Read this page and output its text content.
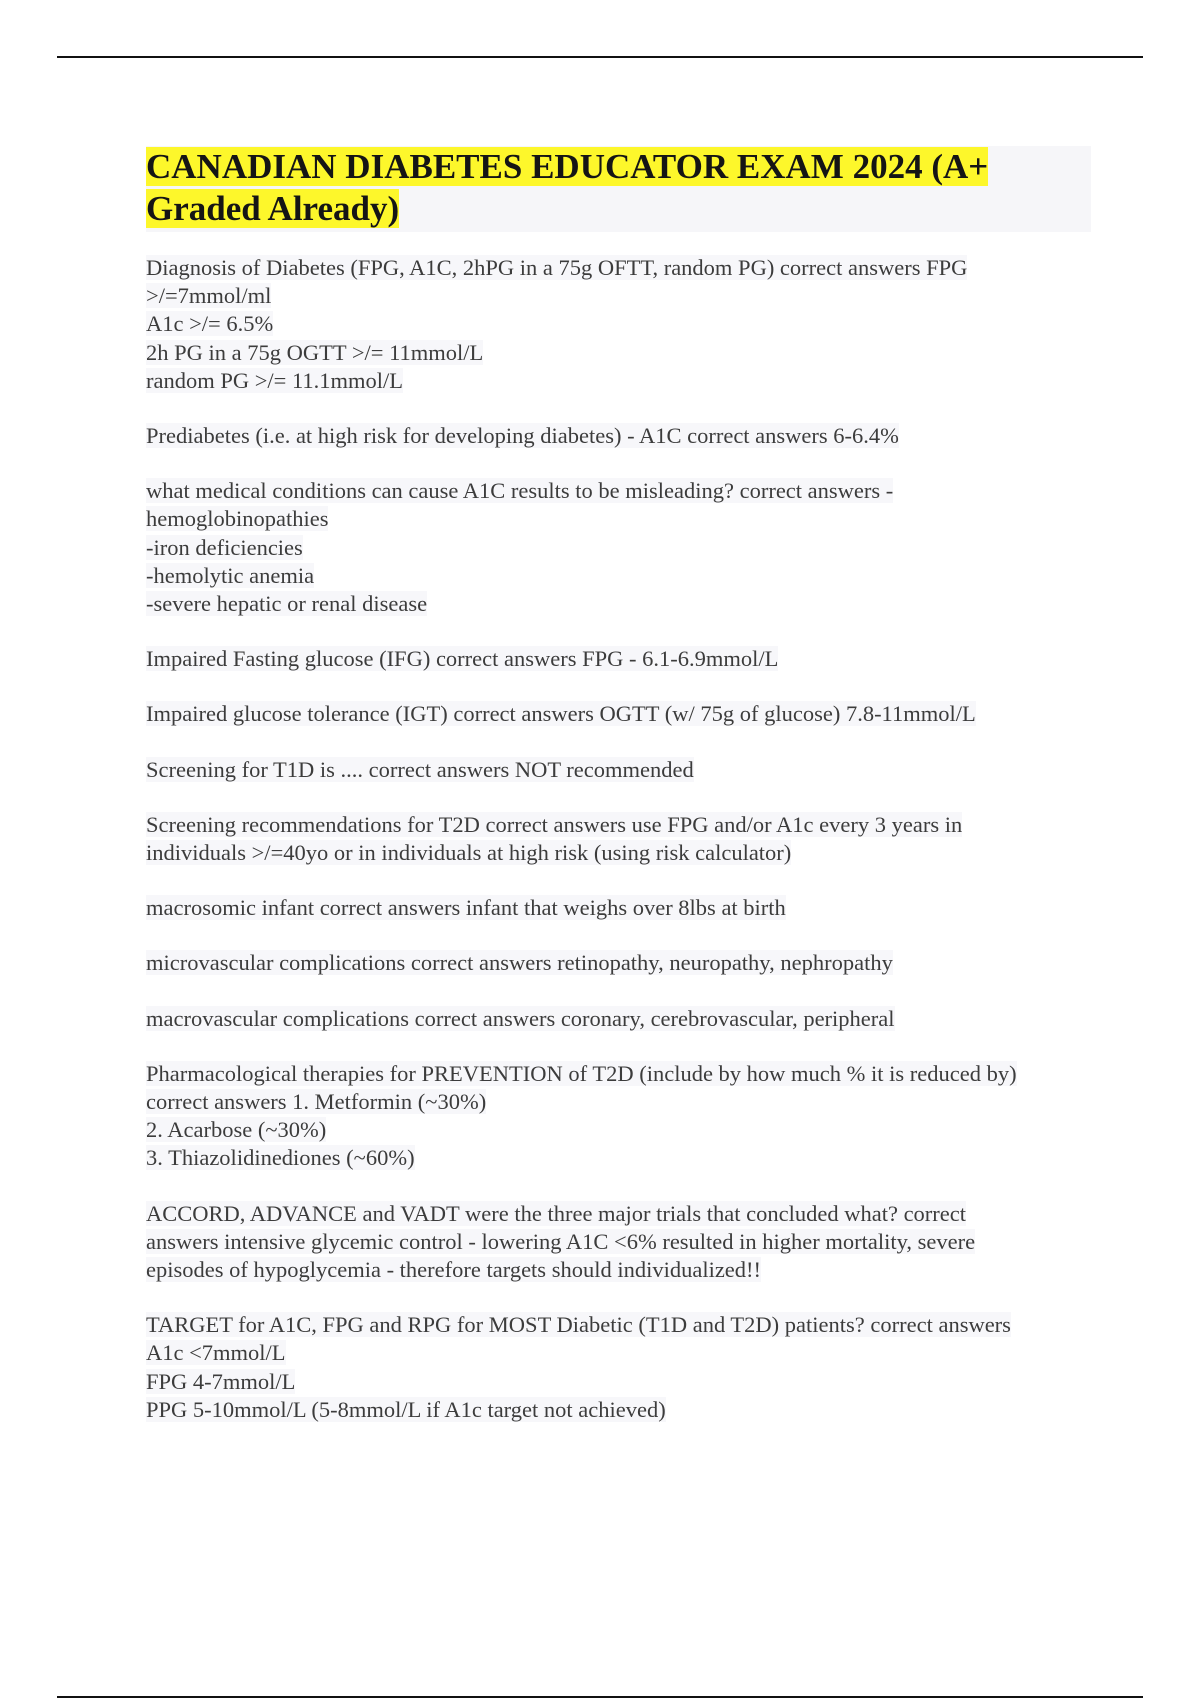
CANADIAN DIABETES EDUCATOR EXAM 2024 (A+ Graded Already)
Diagnosis of Diabetes (FPG, A1C, 2hPG in a 75g OFTT, random PG) correct answers FPG
>/=7mmol/ml
A1c >/= 6.5%
2h PG in a 75g OGTT >/= 11mmol/L
random PG >/= 11.1mmol/L
Prediabetes (i.e. at high risk for developing diabetes) - A1C correct answers 6-6.4%
what medical conditions can cause A1C results to be misleading? correct answers -
hemoglobinopathies
-iron deficiencies
-hemolytic anemia
-severe hepatic or renal disease
Impaired Fasting glucose (IFG) correct answers FPG - 6.1-6.9mmol/L
Impaired glucose tolerance (IGT) correct answers OGTT (w/ 75g of glucose) 7.8-11mmol/L
Screening for T1D is .... correct answers NOT recommended
Screening recommendations for T2D correct answers use FPG and/or A1c every 3 years in
individuals >/=40yo or in individuals at high risk (using risk calculator)
macrosomic infant correct answers infant that weighs over 8lbs at birth
microvascular complications correct answers retinopathy, neuropathy, nephropathy
macrovascular complications correct answers coronary, cerebrovascular, peripheral
Pharmacological therapies for PREVENTION of T2D (include by how much % it is reduced by)
correct answers 1. Metformin (~30%)
2. Acarbose (~30%)
3. Thiazolidinediones (~60%)
ACCORD, ADVANCE and VADT were the three major trials that concluded what? correct
answers intensive glycemic control - lowering A1C <6% resulted in higher mortality, severe
episodes of hypoglycemia - therefore targets should individualized!!
TARGET for A1C, FPG and RPG for MOST Diabetic (T1D and T2D) patients? correct answers
A1c <7mmol/L
FPG 4-7mmol/L
PPG 5-10mmol/L (5-8mmol/L if A1c target not achieved)
